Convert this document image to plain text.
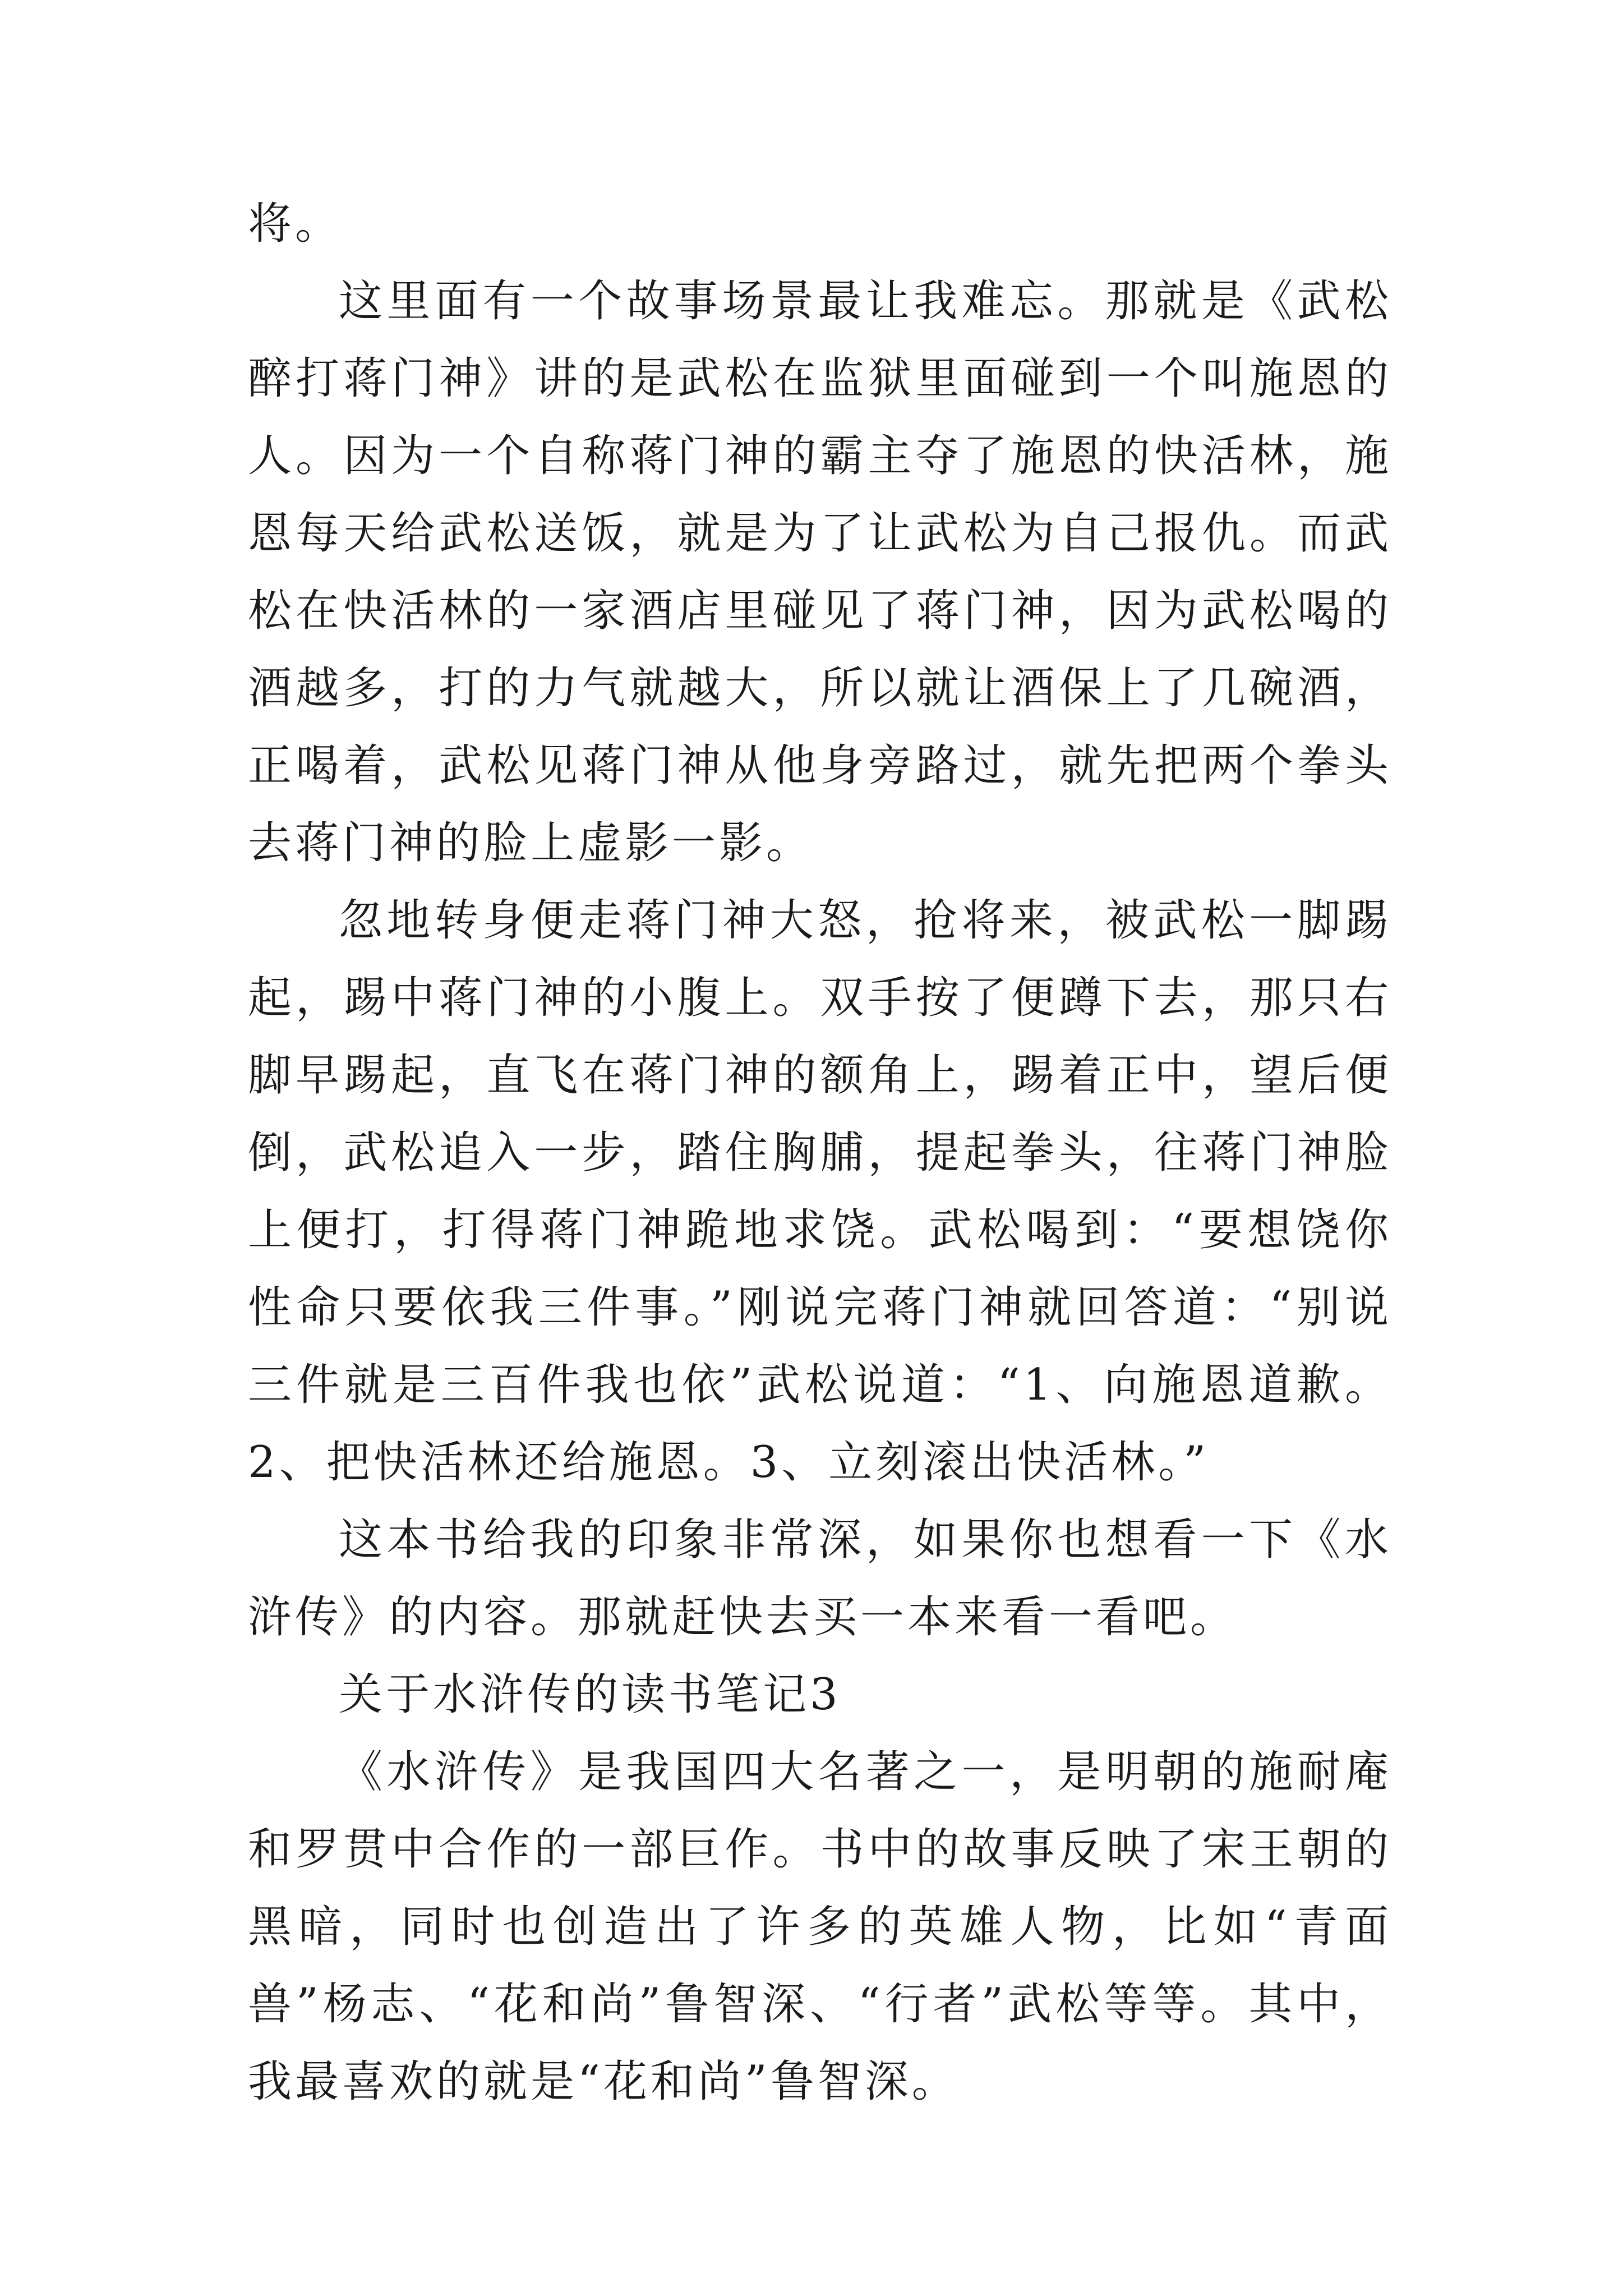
将。

这里面有一个故事场景最让我难忘。那就是《武松醉打蒋门神》讲的是武松在监狱里面碰到一个叫施恩的人。因为一个自称蒋门神的霸主夺了施恩的快活林，施恩每天给武松送饭，就是为了让武松为自己报仇。而武松在快活林的一家酒店里碰见了蒋门神，因为武松喝的酒越多，打的力气就越大，所以就让酒保上了几碗酒，正喝着，武松见蒋门神从他身旁路过，就先把两个拳头去蒋门神的脸上虚影一影。

忽地转身便走蒋门神大怒，抢将来，被武松一脚踢起，踢中蒋门神的小腹上。双手按了便蹲下去，那只右脚早踢起，直飞在蒋门神的额角上，踢着正中，望后便倒，武松追入一步，踏住胸脯，提起拳头，往蒋门神脸上便打，打得蒋门神跪地求饶。武松喝到：“要想饶你性命只要依我三件事。”刚说完蒋门神就回答道：“别说三件就是三百件我也依”武松说道：“1、向施恩道歉。2、把快活林还给施恩。3、立刻滚出快活林。”

这本书给我的印象非常深，如果你也想看一下《水浒传》的内容。那就赶快去买一本来看一看吧。

关于水浒传的读书笔记3

《水浒传》是我国四大名著之一，是明朝的施耐庵和罗贯中合作的一部巨作。书中的故事反映了宋王朝的黑暗，同时也创造出了许多的英雄人物，比如“青面兽”杨志、“花和尚”鲁智深、“行者”武松等等。其中，我最喜欢的就是“花和尚”鲁智深。
